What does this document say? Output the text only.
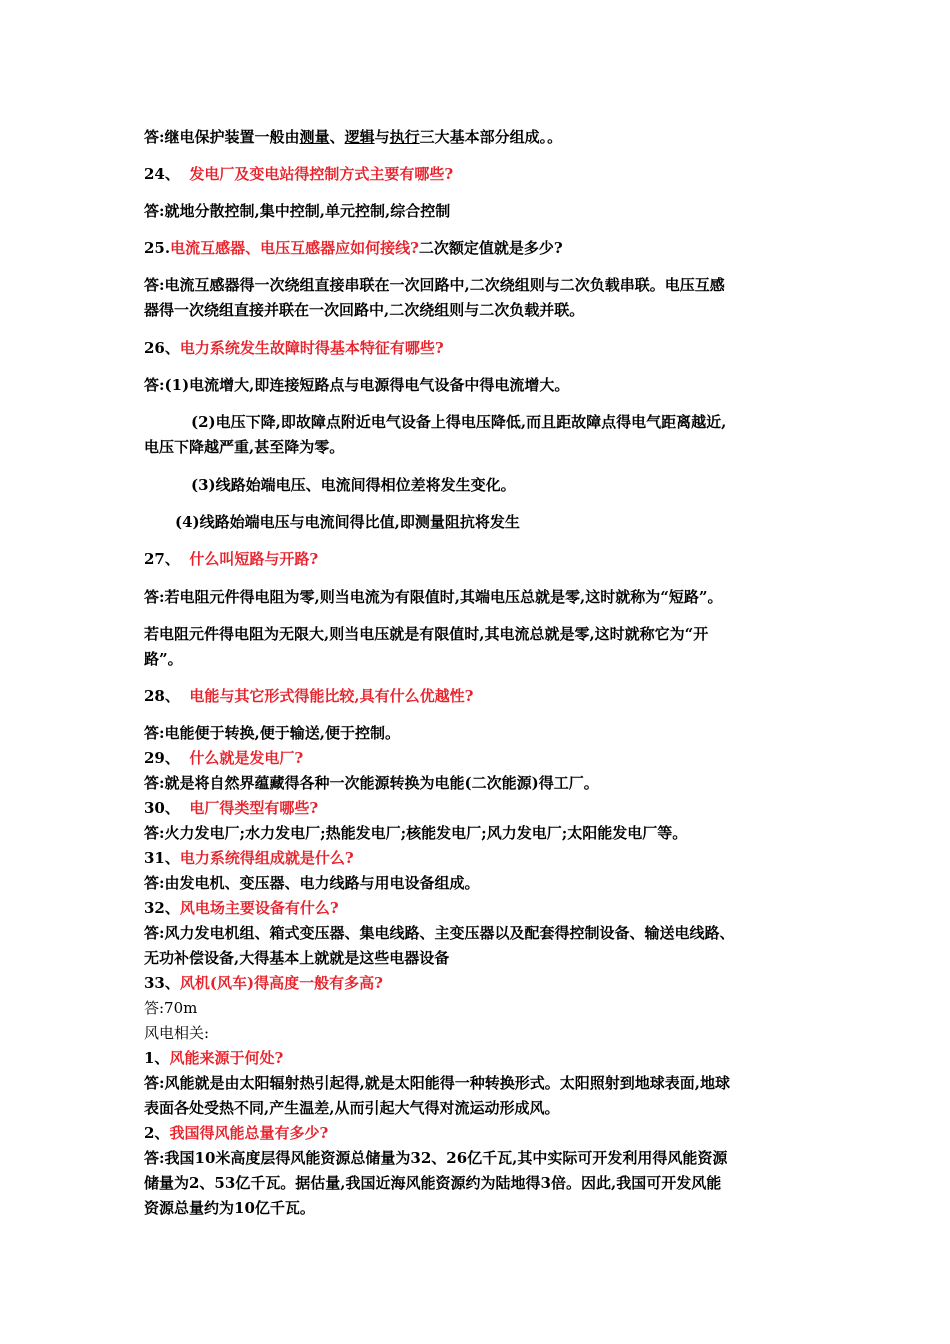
答:继电保护装置一般由测量、逻辑与执行三大基本部分组成。。
24、 发电厂及变电站得控制方式主要有哪些?
答:就地分散控制,集中控制,单元控制,综合控制
25.电流互感器、电压互感器应如何接线?二次额定值就是多少?
答:电流互感器得一次绕组直接串联在一次回路中,二次绕组则与二次负载串联。电压互感
器得一次绕组直接并联在一次回路中,二次绕组则与二次负载并联。
26、电力系统发生故障时得基本特征有哪些?
答:(1)电流增大,即连接短路点与电源得电气设备中得电流增大。
(2)电压下降,即故障点附近电气设备上得电压降低,而且距故障点得电气距离越近,
电压下降越严重,甚至降为零。
(3)线路始端电压、电流间得相位差将发生变化。
(4)线路始端电压与电流间得比值,即测量阻抗将发生
27、 什么叫短路与开路?
答:若电阻元件得电阻为零,则当电流为有限值时,其端电压总就是零,这时就称为“短路”。
若电阻元件得电阻为无限大,则当电压就是有限值时,其电流总就是零,这时就称它为“开
路”。
28、 电能与其它形式得能比较,具有什么优越性?
答:电能便于转换,便于输送,便于控制。
29、 什么就是发电厂?
答:就是将自然界蕴藏得各种一次能源转换为电能(二次能源)得工厂。
30、 电厂得类型有哪些?
答:火力发电厂;水力发电厂;热能发电厂;核能发电厂;风力发电厂;太阳能发电厂等。
31、电力系统得组成就是什么?
答:由发电机、变压器、电力线路与用电设备组成。
32、风电场主要设备有什么?
答:风力发电机组、箱式变压器、集电线路、主变压器以及配套得控制设备、输送电线路、
无功补偿设备,大得基本上就就是这些电器设备
33、风机(风车)得高度一般有多高?
答:70m
风电相关:
1、风能来源于何处?
答:风能就是由太阳辐射热引起得,就是太阳能得一种转换形式。太阳照射到地球表面,地球
表面各处受热不同,产生温差,从而引起大气得对流运动形成风。
2、我国得风能总量有多少?
答:我国10米高度层得风能资源总储量为32、26亿千瓦,其中实际可开发利用得风能资源
储量为2、53亿千瓦。据估量,我国近海风能资源约为陆地得3倍。因此,我国可开发风能
资源总量约为10亿千瓦。
